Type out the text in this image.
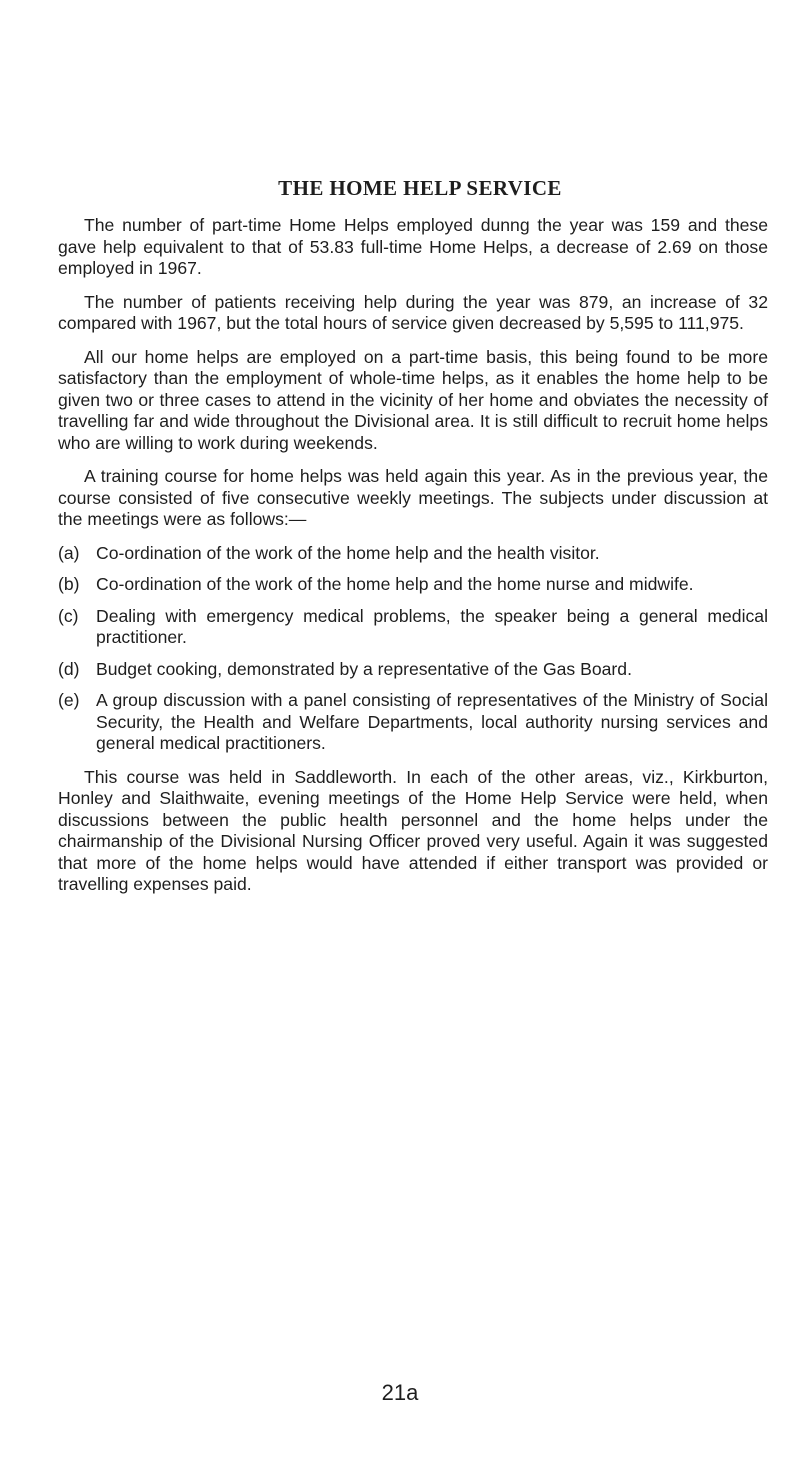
THE HOME HELP SERVICE

The number of part-time Home Helps employed dunng the year was 159 and these gave help equivalent to that of 53.83 full-time Home Helps, a decrease of 2.69 on those employed in 1967.

The number of patients receiving help during the year was 879, an increase of 32 compared with 1967, but the total hours of service given decreased by 5,595 to 111,975.

All our home helps are employed on a part-time basis, this being found to be more satisfactory than the employment of whole-time helps, as it enables the home help to be given two or three cases to attend in the vicinity of her home and obviates the necessity of travelling far and wide throughout the Divisional area. It is still difficult to recruit home helps who are willing to work during weekends.

A training course for home helps was held again this year. As in the previous year, the course consisted of five consecutive weekly meetings. The subjects under discussion at the meetings were as follows:—

(a) Co-ordination of the work of the home help and the health visitor.
(b) Co-ordination of the work of the home help and the home nurse and midwife.
(c) Dealing with emergency medical problems, the speaker being a general medical practitioner.
(d) Budget cooking, demonstrated by a representative of the Gas Board.
(e) A group discussion with a panel consisting of representatives of the Ministry of Social Security, the Health and Welfare Departments, local authority nursing services and general medical practitioners.

This course was held in Saddleworth. In each of the other areas, viz., Kirkburton, Honley and Slaithwaite, evening meetings of the Home Help Service were held, when discussions between the public health personnel and the home helps under the chairmanship of the Divisional Nursing Officer proved very useful. Again it was suggested that more of the home helps would have attended if either transport was provided or travelling expenses paid.

21a
